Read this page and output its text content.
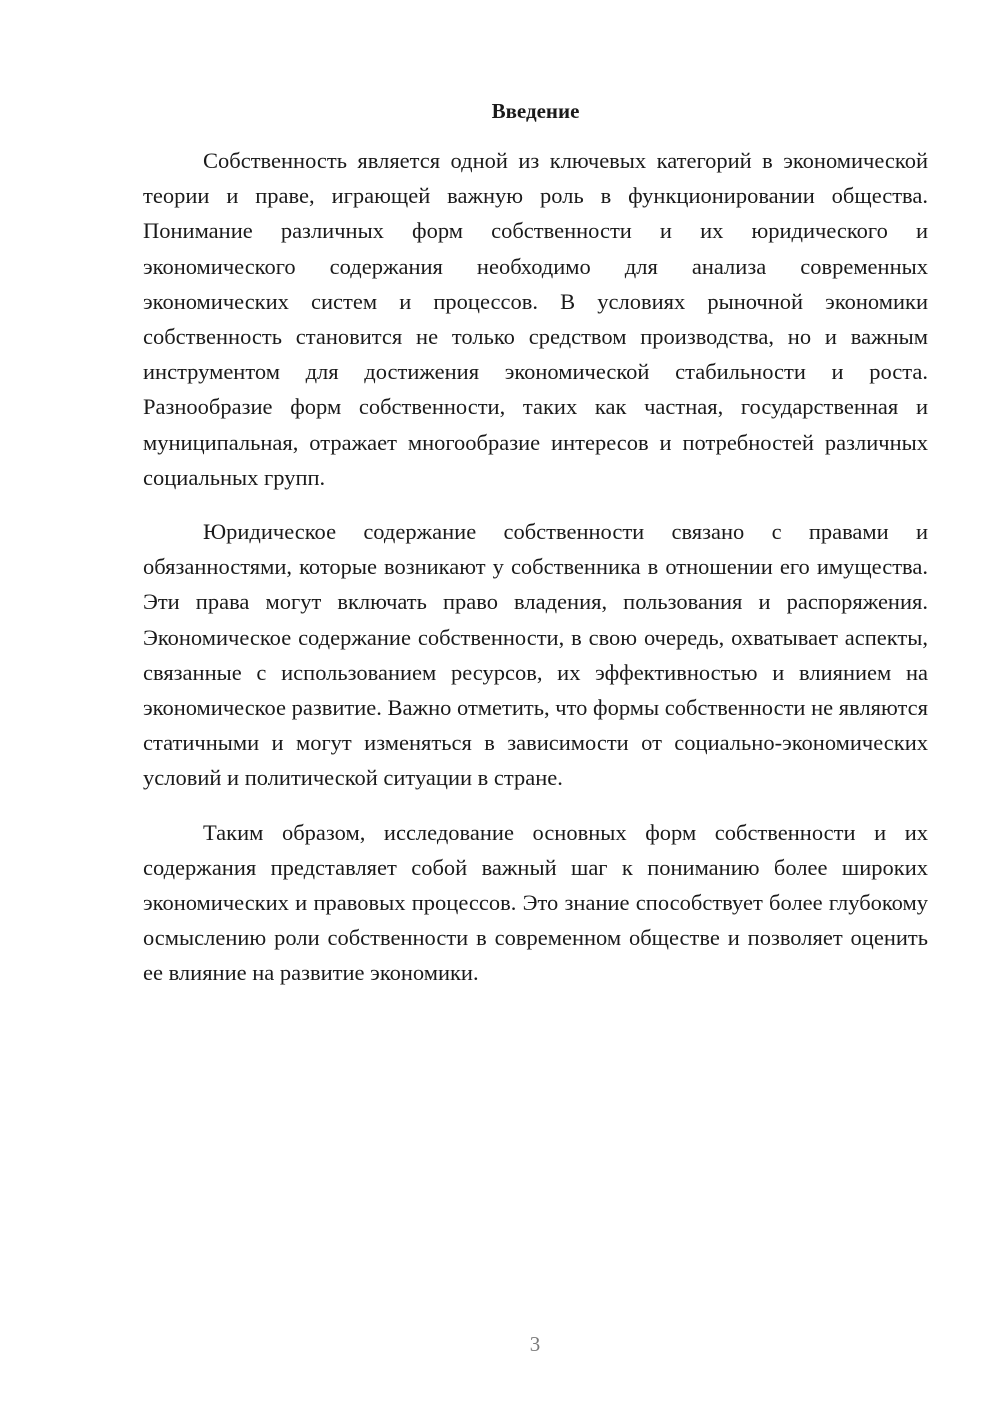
Введение

Собственность является одной из ключевых категорий в экономической теории и праве, играющей важную роль в функционировании общества. Понимание различных форм собственности и их юридического и экономического содержания необходимо для анализа современных экономических систем и процессов. В условиях рыночной экономики собственность становится не только средством производства, но и важным инструментом для достижения экономической стабильности и роста. Разнообразие форм собственности, таких как частная, государственная и муниципальная, отражает многообразие интересов и потребностей различных социальных групп.

Юридическое содержание собственности связано с правами и обязанностями, которые возникают у собственника в отношении его имущества. Эти права могут включать право владения, пользования и распоряжения. Экономическое содержание собственности, в свою очередь, охватывает аспекты, связанные с использованием ресурсов, их эффективностью и влиянием на экономическое развитие. Важно отметить, что формы собственности не являются статичными и могут изменяться в зависимости от социально-экономических условий и политической ситуации в стране.

Таким образом, исследование основных форм собственности и их содержания представляет собой важный шаг к пониманию более широких экономических и правовых процессов. Это знание способствует более глубокому осмыслению роли собственности в современном обществе и позволяет оценить ее влияние на развитие экономики.

3
